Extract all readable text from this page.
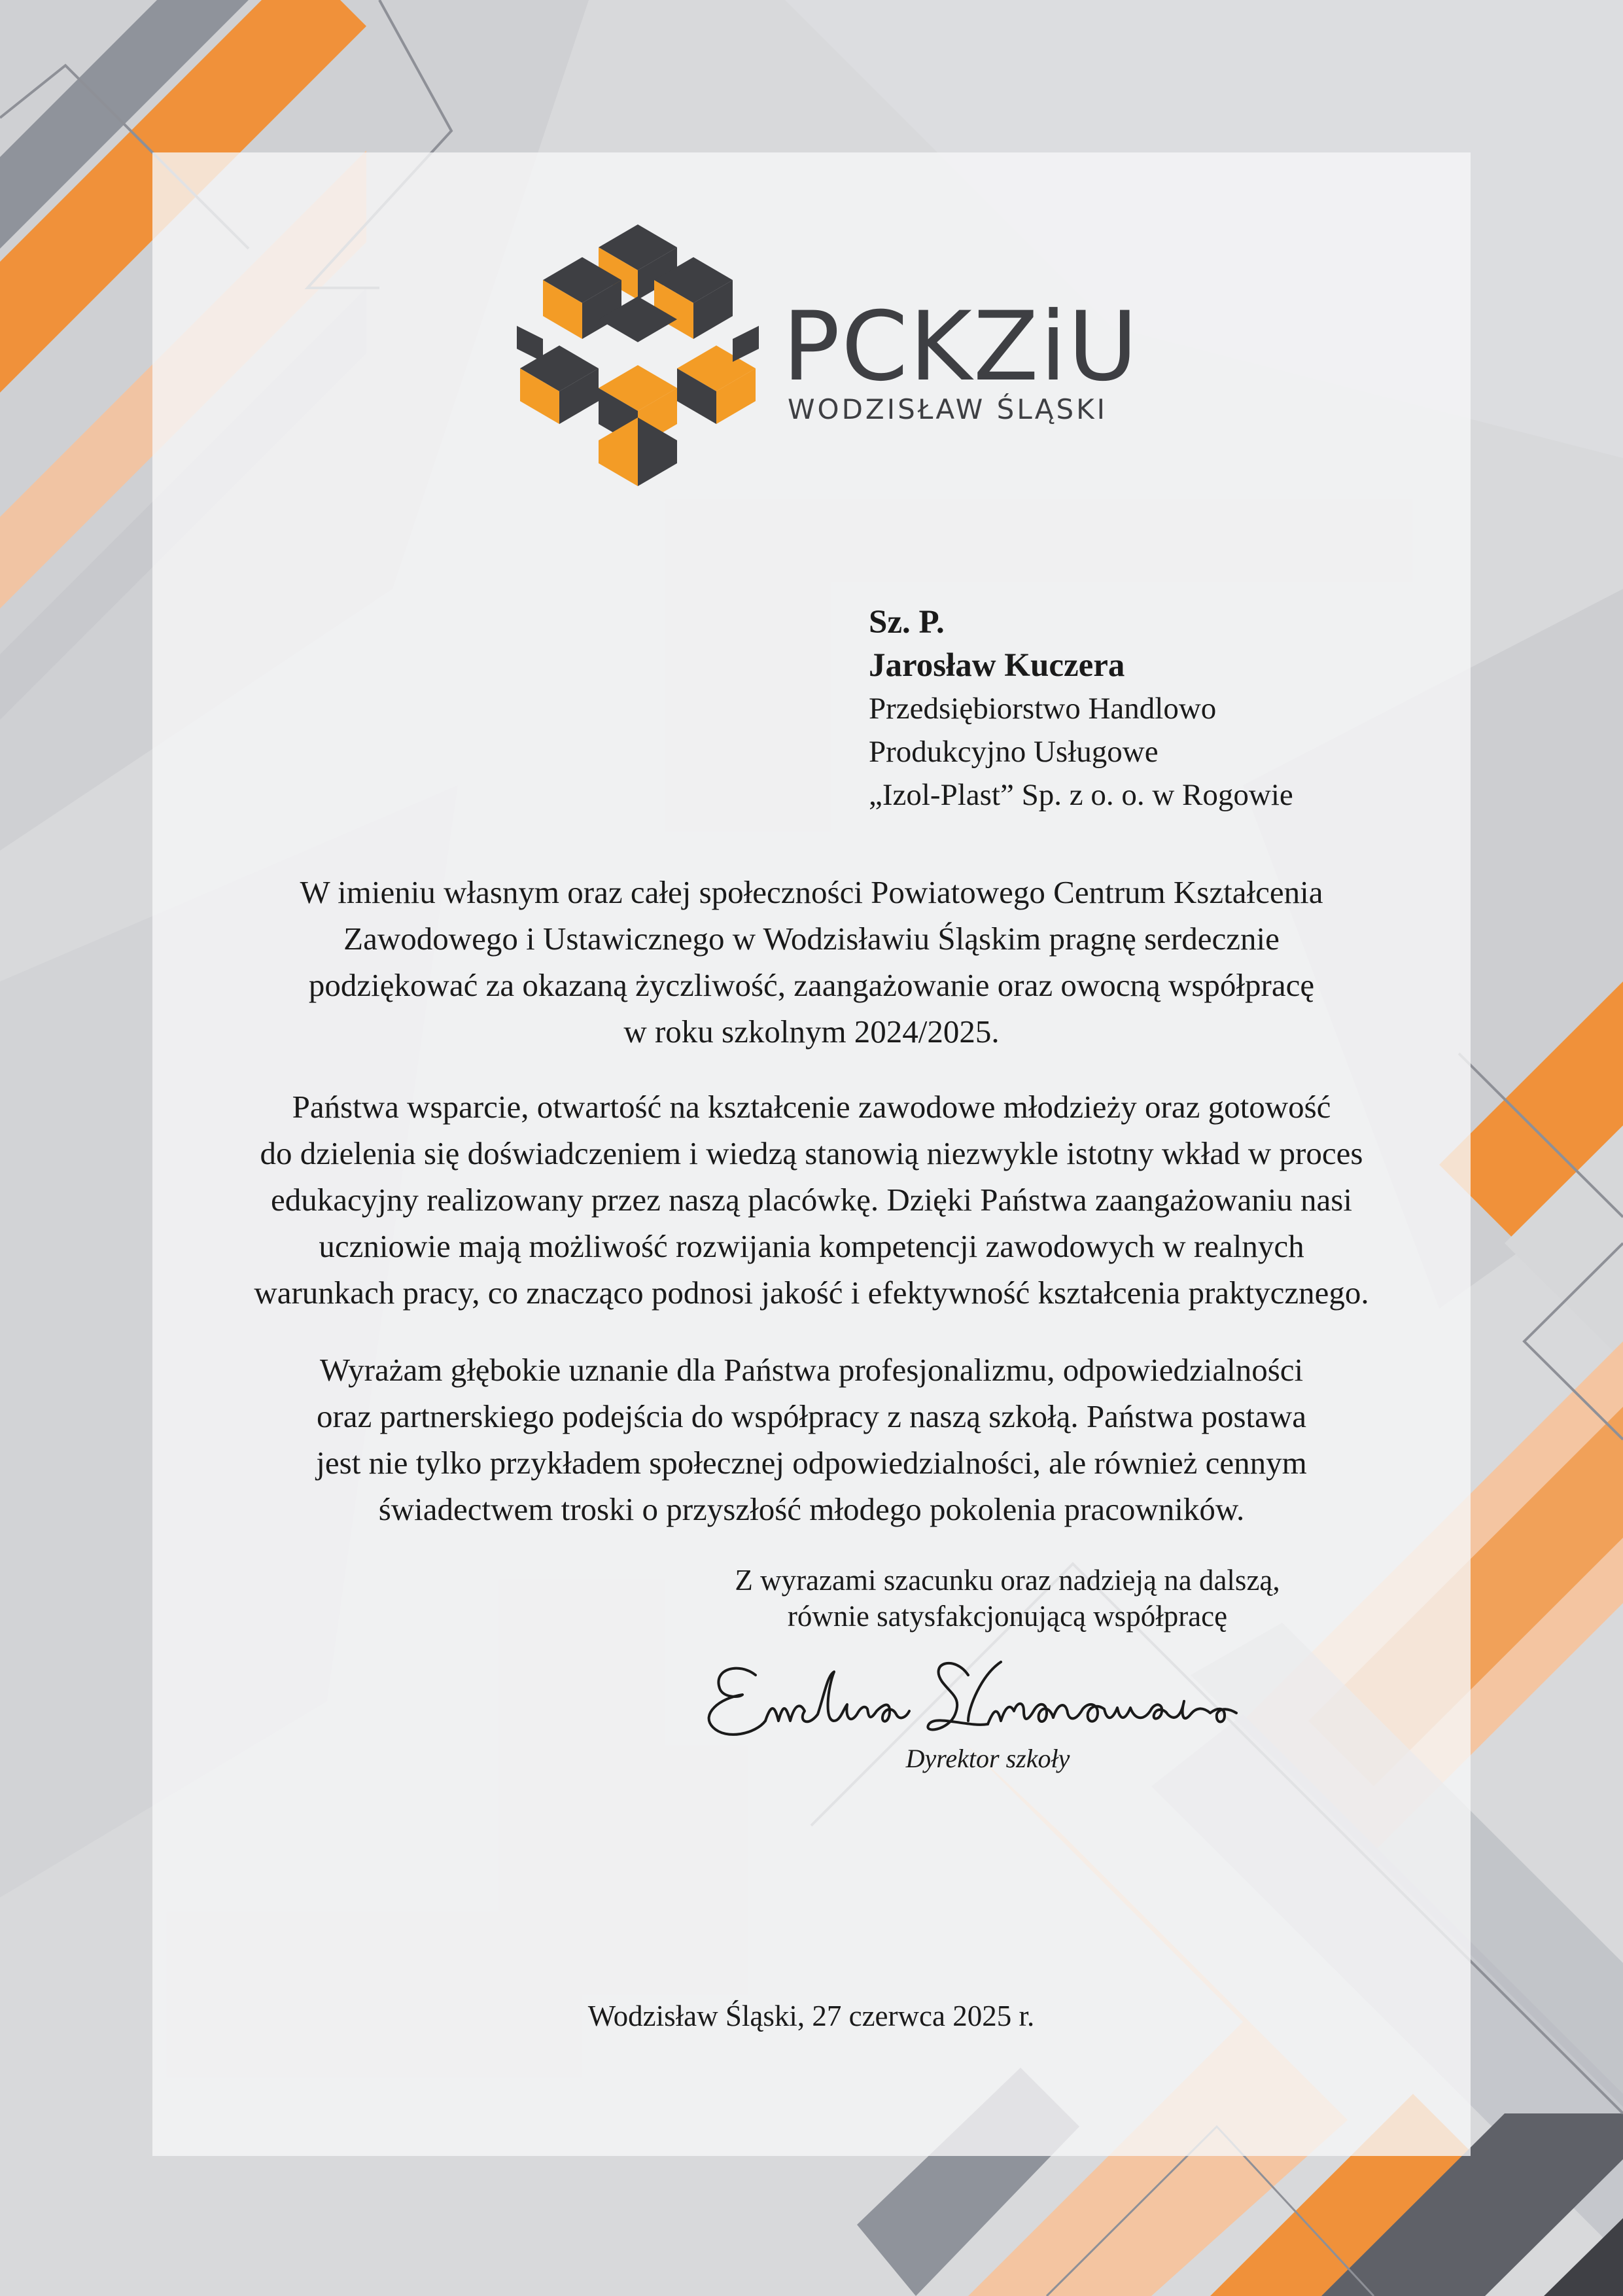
PCKZiU
WODZISŁAW ŚLĄSKI
Sz. P.
Jarosław Kuczera
Przedsiębiorstwo Handlowo
Produkcyjno Usługowe
„Izol-Plast” Sp. z o. o. w Rogowie

W imieniu własnym oraz całej społeczności Powiatowego Centrum Kształcenia
Zawodowego i Ustawicznego w Wodzisławiu Śląskim pragnę serdecznie
podziękować za okazaną życzliwość, zaangażowanie oraz owocną współpracę
w roku szkolnym 2024/2025.

Państwa wsparcie, otwartość na kształcenie zawodowe młodzieży oraz gotowość
do dzielenia się doświadczeniem i wiedzą stanowią niezwykle istotny wkład w proces
edukacyjny realizowany przez naszą placówkę. Dzięki Państwa zaangażowaniu nasi
uczniowie mają możliwość rozwijania kompetencji zawodowych w realnych
warunkach pracy, co znacząco podnosi jakość i efektywność kształcenia praktycznego.

Wyrażam głębokie uznanie dla Państwa profesjonalizmu, odpowiedzialności
oraz partnerskiego podejścia do współpracy z naszą szkołą. Państwa postawa
jest nie tylko przykładem społecznej odpowiedzialności, ale również cennym
świadectwem troski o przyszłość młodego pokolenia pracowników.

Z wyrazami szacunku oraz nadzieją na dalszą,
równie satysfakcjonującą współpracę
Dyrektor szkoły
Wodzisław Śląski, 27 czerwca 2025 r.
